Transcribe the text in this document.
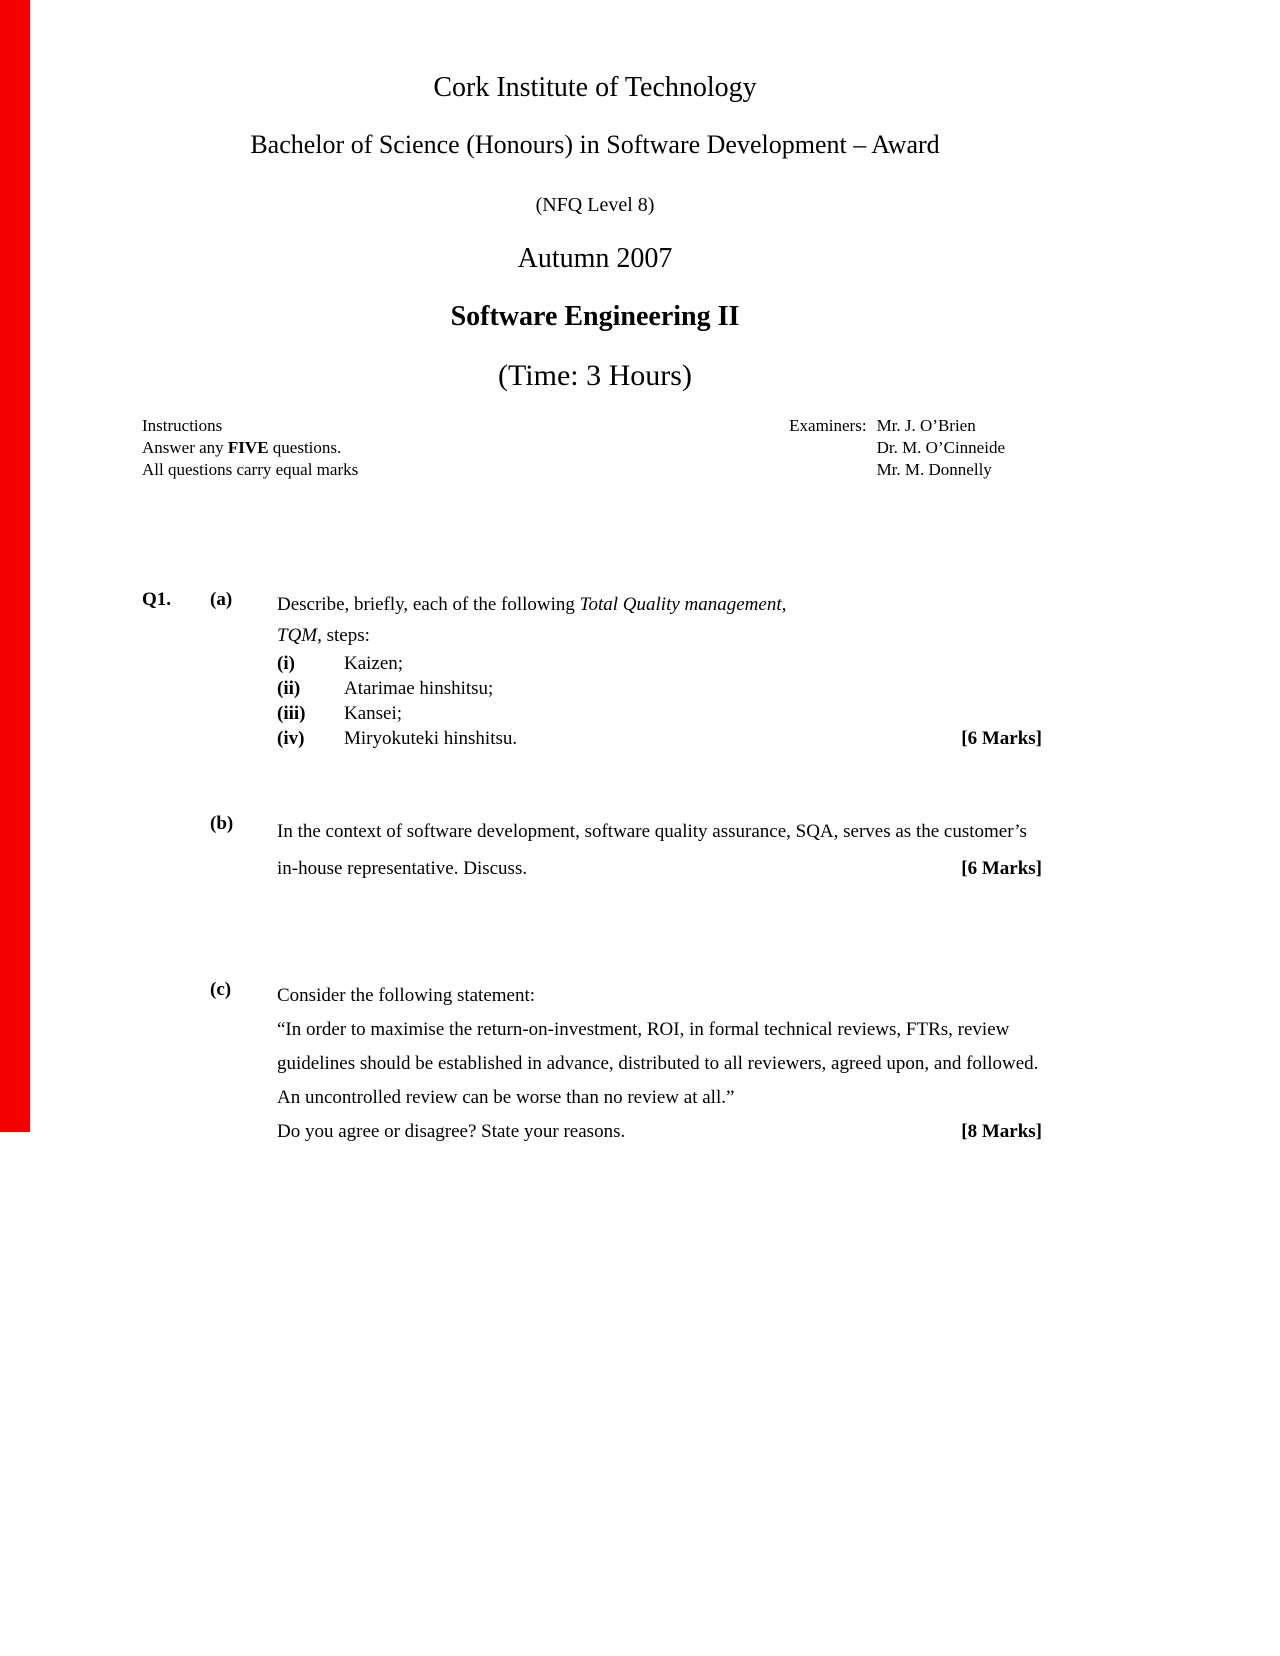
Cork Institute of Technology
Bachelor of Science (Honours) in Software Development – Award
(NFQ Level 8)
Autumn 2007
Software Engineering II
(Time: 3 Hours)
Instructions
Answer any FIVE questions.
All questions carry equal marks
Examiners: Mr. J. O’Brien
Dr. M. O’Cinneide
Mr. M. Donnelly
Q1.	(a)	Describe, briefly, each of the following Total Quality management,
TQM, steps:
(i)	Kaizen;
(ii)	Atarimae hinshitsu;
(iii)	Kansei;
(iv)	Miryokuteki hinshitsu.	[6 Marks]
(b)	In the context of software development, software quality assurance, SQA, serves as the customer’s in-house representative. Discuss.	[6 Marks]
(c)	Consider the following statement:
“In order to maximise the return-on-investment, ROI, in formal technical reviews, FTRs, review guidelines should be established in advance, distributed to all reviewers, agreed upon, and followed. An uncontrolled review can be worse than no review at all.”
Do you agree or disagree? State your reasons.	[8 Marks]
